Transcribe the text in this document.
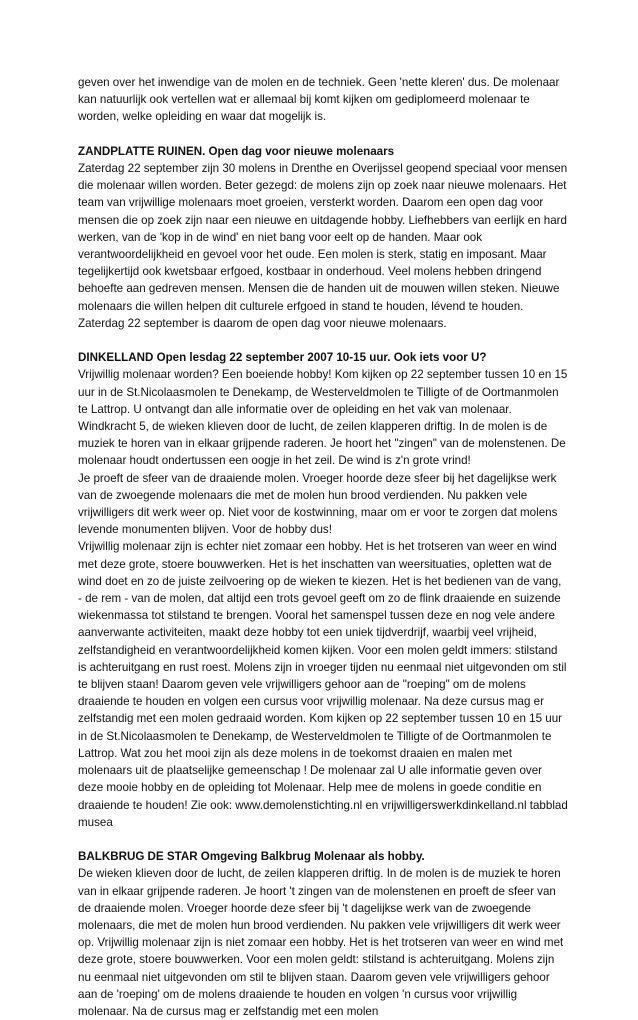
geven over het inwendige van de molen en de techniek. Geen 'nette kleren' dus. De molenaar kan natuurlijk ook vertellen wat er allemaal bij komt kijken om gediplomeerd molenaar te worden, welke opleiding en waar dat mogelijk is.

ZANDPLATTE RUINEN. Open dag voor nieuwe molenaars

Zaterdag 22 september zijn 30 molens in Drenthe en Overijssel geopend speciaal voor mensen die molenaar willen worden. Beter gezegd: de molens zijn op zoek naar nieuwe molenaars. Het team van vrijwillige molenaars moet groeien, versterkt worden. Daarom een open dag voor mensen die op zoek zijn naar een nieuwe en uitdagende hobby. Liefhebbers van eerlijk en hard werken, van de 'kop in de wind' en niet bang voor eelt op de handen. Maar ook verantwoordelijkheid en gevoel voor het oude. Een molen is sterk, statig en imposant. Maar tegelijkertijd ook kwetsbaar erfgoed, kostbaar in onderhoud. Veel molens hebben dringend behoefte aan gedreven mensen. Mensen die de handen uit de mouwen willen steken. Nieuwe molenaars die willen helpen dit culturele erfgoed in stand te houden, lévend te houden. Zaterdag 22 september is daarom de open dag voor nieuwe molenaars.

DINKELLAND Open lesdag 22 september 2007 10-15 uur. Ook iets voor U?

Vrijwillig molenaar worden? Een boeiende hobby! Kom kijken op 22 september tussen 10 en 15 uur in de St.Nicolaasmolen te Denekamp, de Westerveldmolen te Tilligte of de Oortmanmolen te Lattrop. U ontvangt dan alle informatie over de opleiding en het vak van molenaar. Windkracht 5, de wieken klieven door de lucht, de zeilen klapperen driftig. In de molen is de muziek te horen van in elkaar grijpende raderen. Je hoort het "zingen" van de molenstenen. De molenaar houdt ondertussen een oogje in het zeil. De wind is z'n grote vrind!

Je proeft de sfeer van de draaiende molen. Vroeger hoorde deze sfeer bij het dagelijkse werk van de zwoegende molenaars die met de molen hun brood verdienden. Nu pakken vele vrijwilligers dit werk weer op. Niet voor de kostwinning, maar om er voor te zorgen dat molens levende monumenten blijven. Voor de hobby dus!

Vrijwillig molenaar zijn is echter niet zomaar een hobby. Het is het trotseren van weer en wind met deze grote, stoere bouwwerken. Het is het inschatten van weersituaties, opletten wat de wind doet en zo de juiste zeilvoering op de wieken te kiezen. Het is het bedienen van de vang, - de rem - van de molen, dat altijd een trots gevoel geeft om zo de flink draaiende en suizende wiekenmassa tot stilstand te brengen. Vooral het samenspel tussen deze en nog vele andere aanverwante activiteiten, maakt deze hobby tot een uniek tijdverdrijf, waarbij veel vrijheid, zelfstandigheid en verantwoordelijkheid komen kijken. Voor een molen geldt immers: stilstand is achteruitgang en rust roest. Molens zijn in vroeger tijden nu eenmaal niet uitgevonden om stil te blijven staan! Daarom geven vele vrijwilligers gehoor aan de "roeping" om de molens draaiende te houden en volgen een cursus voor vrijwillig molenaar. Na deze cursus mag er zelfstandig met een molen gedraaid worden. Kom kijken op 22 september tussen 10 en 15 uur in de St.Nicolaasmolen te Denekamp, de Westerveldmolen te Tilligte of de Oortmanmolen te Lattrop. Wat zou het mooi zijn als deze molens in de toekomst draaien en malen met molenaars uit de plaatselijke gemeenschap ! De molenaar zal U alle informatie geven over deze mooie hobby en de opleiding tot Molenaar. Help mee de molens in goede conditie en draaiende te houden! Zie ook: www.demolenstichting.nl en vrijwilligerswerkdinkelland.nl tabblad musea

BALKBRUG DE STAR Omgeving Balkbrug Molenaar als hobby.

De wieken klieven door de lucht, de zeilen klapperen driftig. In de molen is de muziek te horen van in elkaar grijpende raderen. Je hoort 't zingen van de molenstenen en proeft de sfeer van de draaiende molen. Vroeger hoorde deze sfeer bij 't dagelijkse werk van de zwoegende molenaars, die met de molen hun brood verdienden. Nu pakken vele vrijwilligers dit werk weer op. Vrijwillig molenaar zijn is niet zomaar een hobby. Het is het trotseren van weer en wind met deze grote, stoere bouwwerken. Voor een molen geldt: stilstand is achteruitgang. Molens zijn nu eenmaal niet uitgevonden om stil te blijven staan. Daarom geven vele vrijwilligers gehoor aan de 'roeping' om de molens draaiende te houden en volgen 'n cursus voor vrijwillig molenaar. Na de cursus mag er zelfstandig met een molen
